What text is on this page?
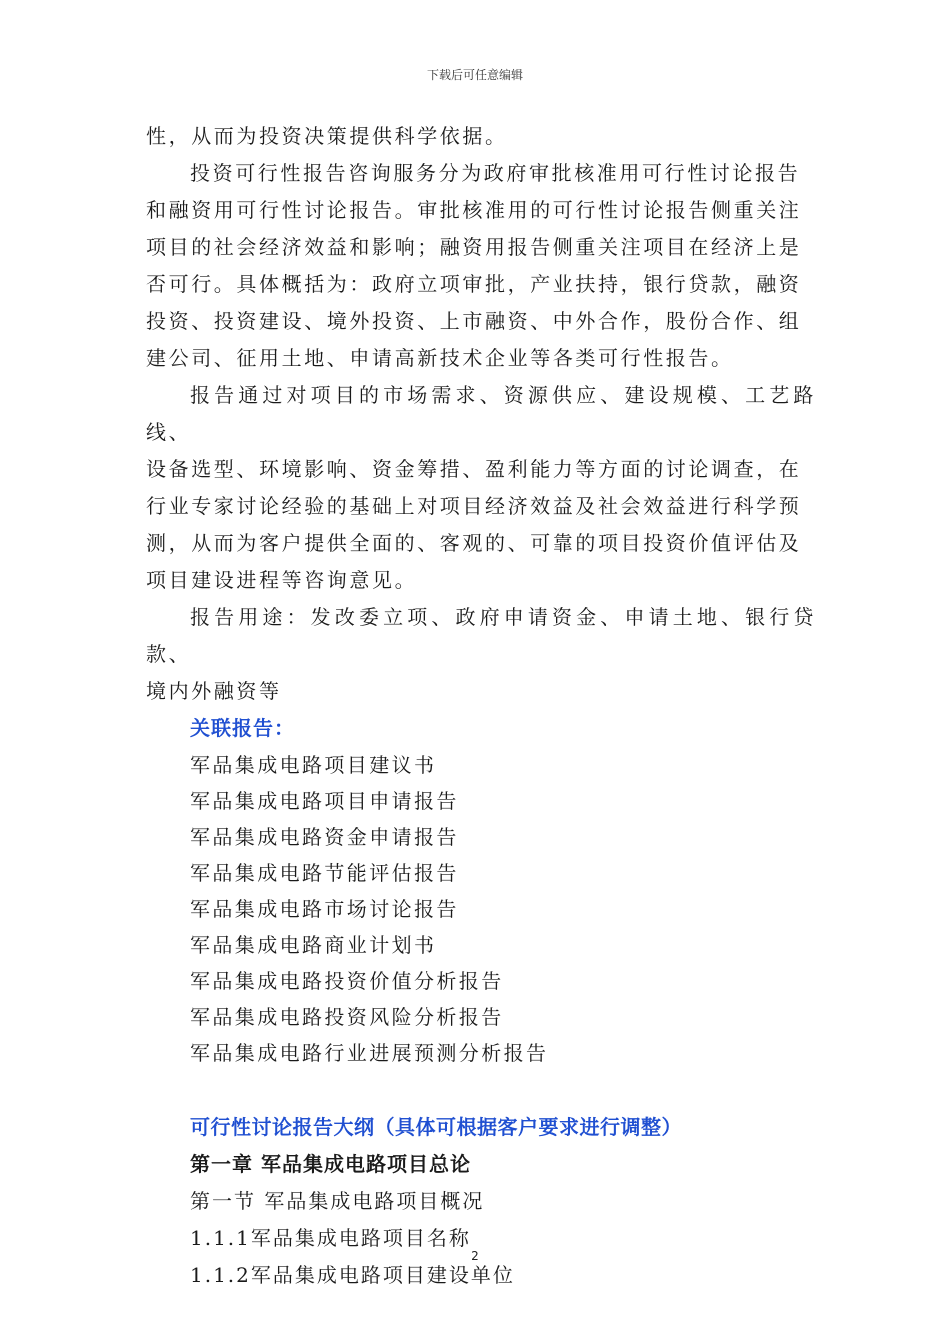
下载后可任意编辑

性，从而为投资决策提供科学依据。

投资可行性报告咨询服务分为政府审批核准用可行性讨论报告

和融资用可行性讨论报告。审批核准用的可行性讨论报告侧重关注

项目的社会经济效益和影响；融资用报告侧重关注项目在经济上是

否可行。具体概括为：政府立项审批，产业扶持，银行贷款，融资

投资、投资建设、境外投资、上市融资、中外合作，股份合作、组

建公司、征用土地、申请高新技术企业等各类可行性报告。

报告通过对项目的市场需求、资源供应、建设规模、工艺路线、

设备选型、环境影响、资金筹措、盈利能力等方面的讨论调查，在

行业专家讨论经验的基础上对项目经济效益及社会效益进行科学预

测，从而为客户提供全面的、客观的、可靠的项目投资价值评估及

项目建设进程等咨询意见。

报告用途：发改委立项、政府申请资金、申请土地、银行贷款、

境内外融资等

关联报告：
军品集成电路项目建议书
军品集成电路项目申请报告
军品集成电路资金申请报告
军品集成电路节能评估报告
军品集成电路市场讨论报告
军品集成电路商业计划书
军品集成电路投资价值分析报告
军品集成电路投资风险分析报告
军品集成电路行业进展预测分析报告
可行性讨论报告大纲（具体可根据客户要求进行调整）
第一章 军品集成电路项目总论
第一节 军品集成电路项目概况
1.1.1军品集成电路项目名称
1.1.2军品集成电路项目建设单位
2
